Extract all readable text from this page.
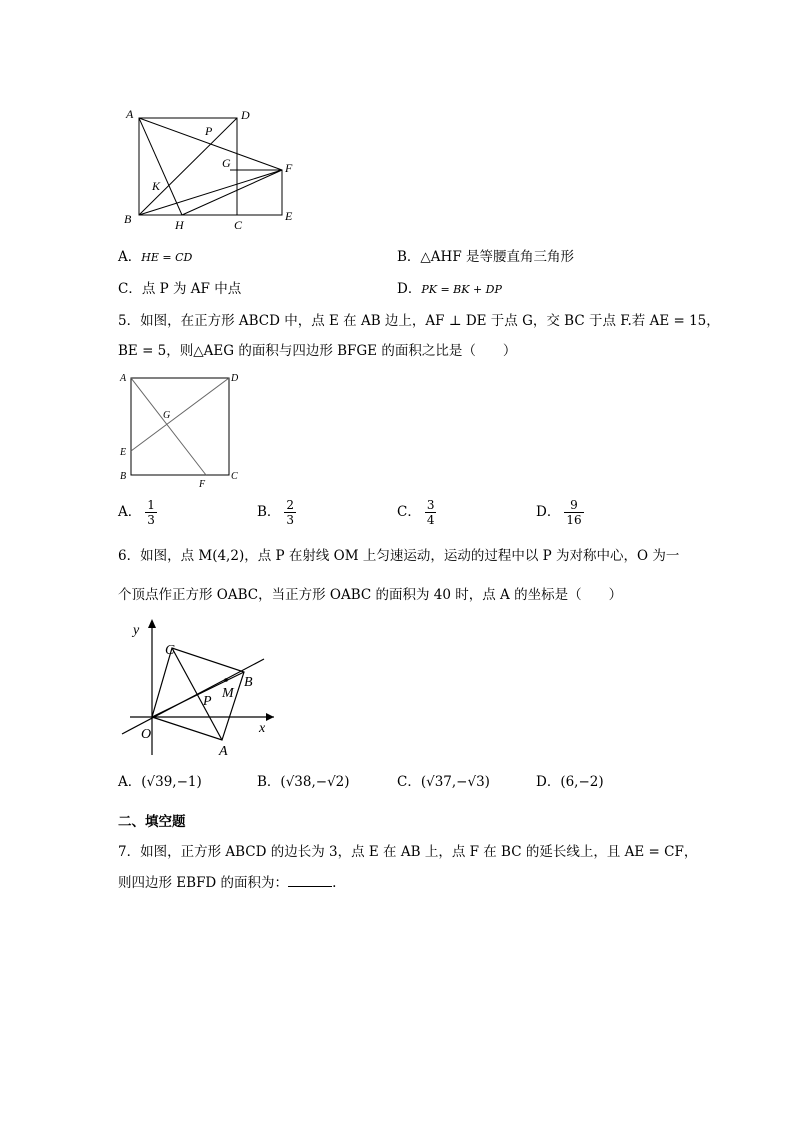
A	D
P
G	F
K
B	H	C
E
A．HE = CD	B．△AHF 是等腰直角三角形
C．点 P 为 AF 中点	D．PK = BK + DP
5．如图，在正方形 ABCD 中，点 E 在 AB 边上，AF ⊥ DE 于点 G，交 BC 于点 F.若 AE = 15，
BE = 5，则△AEG 的面积与四边形 BFGE 的面积之比是（　　）
A	D
G
E
B	C
F
A． $\frac{1}{3}$	B． $\frac{2}{3}$	C． $\frac{3}{4}$	D． $\frac{9}{16}$
6．如图，点 M(4,2)，点 P 在射线 OM 上匀速运动，运动的过程中以 P 为对称中心，O 为一
个顶点作正方形 OABC，当正方形 OABC 的面积为 40 时，点 A 的坐标是（　　）
y
x
O
C
B
M
P
A
A．(√39,−1)	B．(√38,−√2)	C．(√37,−√3)	D．(6,−2)
二、填空题
7．如图，正方形 ABCD 的边长为 3，点 E 在 AB 上，点 F 在 BC 的延长线上，且 AE = CF，
则四边形 EBFD 的面积为：	.
